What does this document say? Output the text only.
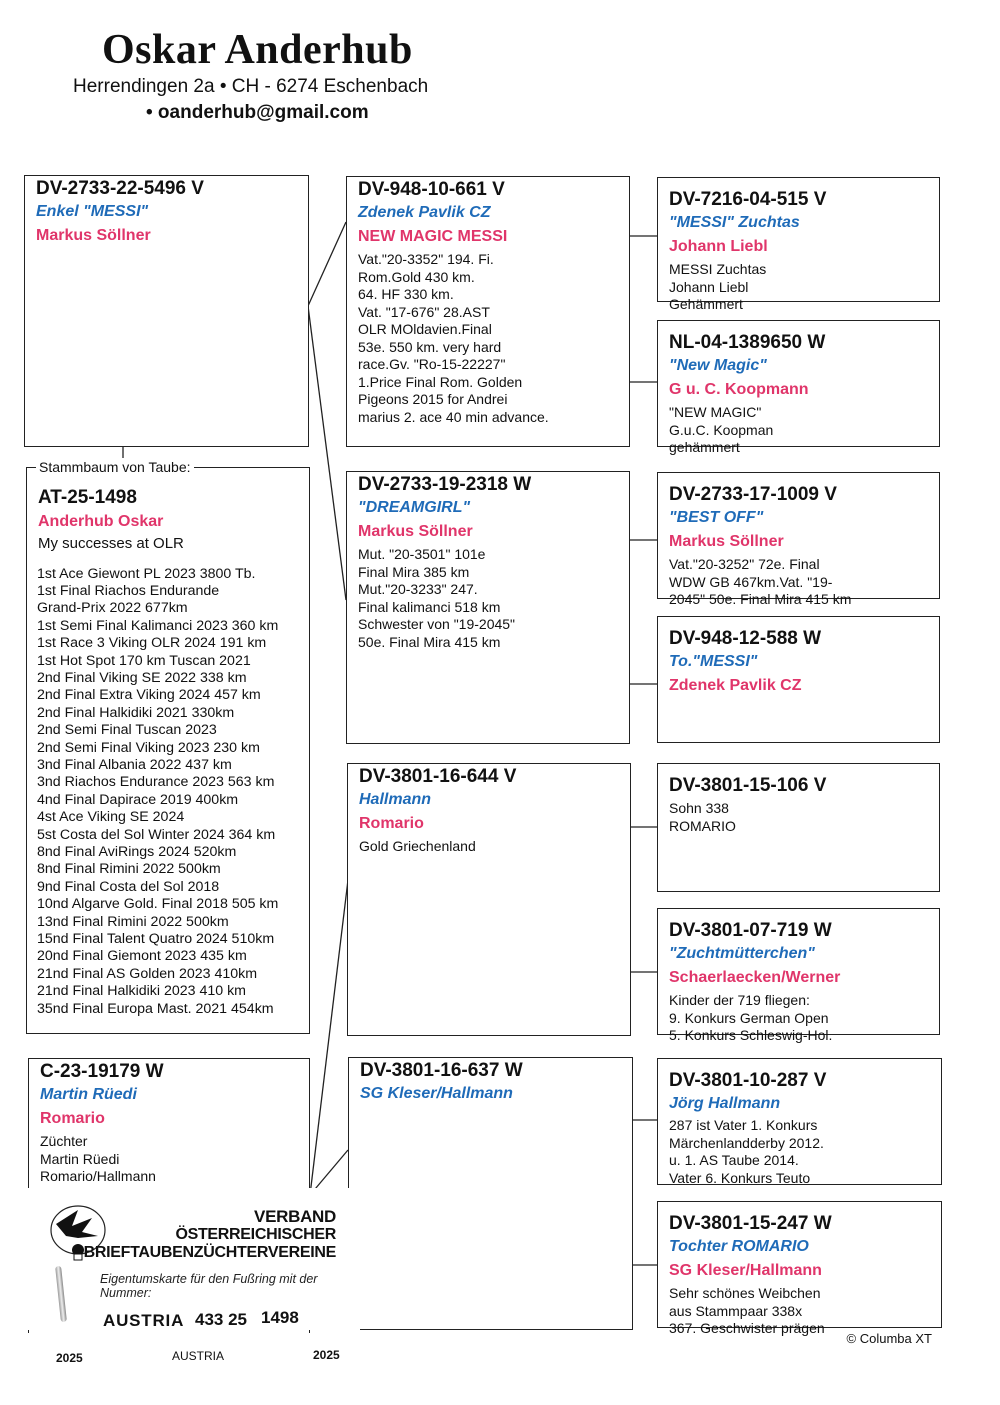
Oskar Anderhub
Herrendingen 2a • CH - 6274 Eschenbach
• oanderhub@gmail.com
DV-2733-22-5496 V
Enkel "MESSI"
Markus Söllner
AT-25-1498
Anderhub Oskar
My successes at OLR
1st Ace Giewont PL 2023 3800 Tb.
1st Final Riachos Endurande
Grand-Prix 2022 677km
1st Semi Final Kalimanci 2023 360 km
1st Race 3 Viking OLR 2024 191 km
1st Hot Spot 170 km Tuscan 2021
2nd Final Viking SE 2022 338 km
2nd Final Extra Viking 2024 457 km
2nd Final Halkidiki 2021 330km
2nd Semi Final Tuscan 2023
2nd Semi Final Viking 2023 230 km
3nd Final Albania 2022 437 km
3nd Riachos Endurance 2023 563 km
4nd Final Dapirace 2019 400km
4st Ace Viking SE 2024
5st Costa del Sol Winter 2024 364 km
8nd Final AviRings 2024 520km
8nd Final Rimini 2022 500km
9nd Final Costa del Sol 2018
10nd Algarve Gold. Final 2018 505 km
13nd Final Rimini 2022 500km
15nd Final Talent Quatro 2024 510km
20nd Final Giemont 2023 435 km
21nd Final AS Golden 2023 410km
21nd Final Halkidiki 2023 410 km
35nd Final Europa Mast. 2021 454km
Stammbaum von Taube:
C-23-19179 W
Martin Rüedi
Romario
Züchter
Martin Rüedi
Romario/Hallmann
DV-948-10-661 V
Zdenek Pavlik CZ
NEW MAGIC MESSI
Vat."20-3352" 194. Fi.
Rom.Gold 430 km.
64. HF 330 km.
Vat. "17-676" 28.AST
OLR MOldavien.Final
53e. 550 km. very hard
race.Gv. "Ro-15-22227"
1.Price Final Rom. Golden
Pigeons 2015 for Andrei
marius 2. ace 40 min advance.
DV-2733-19-2318 W
"DREAMGIRL"
Markus Söllner
Mut. "20-3501" 101e
Final Mira 385 km
Mut."20-3233" 247.
Final kalimanci 518 km
Schwester von "19-2045"
50e. Final Mira 415 km
DV-3801-16-644 V
Hallmann
Romario
Gold Griechenland
DV-3801-16-637 W
SG Kleser/Hallmann
DV-7216-04-515 V
"MESSI" Zuchtas
Johann Liebl
MESSI Zuchtas
Johann Liebl
Gehämmert
NL-04-1389650 W
"New Magic"
G u. C. Koopmann
"NEW MAGIC"
G.u.C. Koopman
gehämmert
DV-2733-17-1009 V
"BEST OFF"
Markus Söllner
Vat."20-3252" 72e. Final
WDW GB 467km.Vat. "19-
2045" 50e. Final Mira 415 km
DV-948-12-588 W
To."MESSI"
Zdenek Pavlik CZ
DV-3801-15-106 V
Sohn 338
ROMARIO
DV-3801-07-719 W
"Zuchtmütterchen"
Schaerlaecken/Werner
Kinder der 719 fliegen:
9. Konkurs German Open
5. Konkurs Schleswig-Hol.
DV-3801-10-287 V
Jörg Hallmann
287 ist Vater 1. Konkurs
Märchenlandderby 2012.
u. 1. AS Taube 2014.
Vater 6. Konkurs Teuto
DV-3801-15-247 W
Tochter ROMARIO
SG Kleser/Hallmann
Sehr schönes Weibchen
aus Stammpaar 338x
367. Geschwister prägen
VERBAND
ÖSTERREICHISCHER
BRIEFTAUBENZÜCHTERVEREINE
Eigentumskarte für den Fußring mit der Nummer:
AUSTRIA 433 25 1498
2025	AUSTRIA	2025
© Columba XT
